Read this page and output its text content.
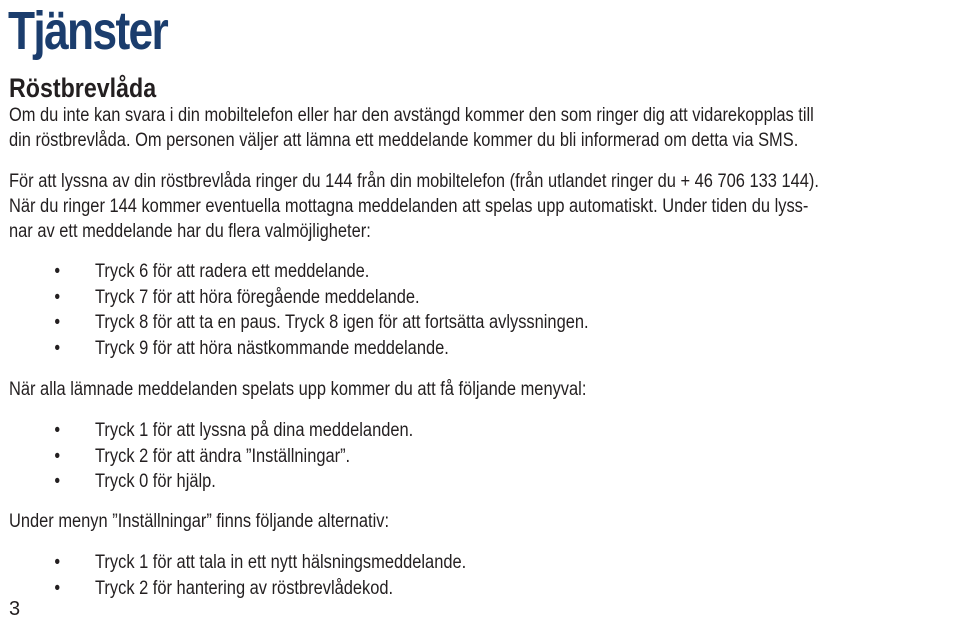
Tjänster
Röstbrevlåda

Om du inte kan svara i din mobiltelefon eller har den avstängd kommer den som ringer dig att vidarekopplas till
din röstbrevlåda. Om personen väljer att lämna ett meddelande kommer du bli informerad om detta via SMS.

För att lyssna av din röstbrevlåda ringer du 144 från din mobiltelefon (från utlandet ringer du + 46 706 133 144).
När du ringer 144 kommer eventuella mottagna meddelanden att spelas upp automatiskt. Under tiden du lyss-
nar av ett meddelande har du flera valmöjligheter:

• Tryck 6 för att radera ett meddelande.
• Tryck 7 för att höra föregående meddelande.
• Tryck 8 för att ta en paus. Tryck 8 igen för att fortsätta avlyssningen.
• Tryck 9 för att höra nästkommande meddelande.

När alla lämnade meddelanden spelats upp kommer du att få följande menyval:

• Tryck 1 för att lyssna på dina meddelanden.
• Tryck 2 för att ändra ”Inställningar”.
• Tryck 0 för hjälp.

Under menyn ”Inställningar” finns följande alternativ:

• Tryck 1 för att tala in ett nytt hälsningsmeddelande.
• Tryck 2 för hantering av röstbrevlådekod.
3
